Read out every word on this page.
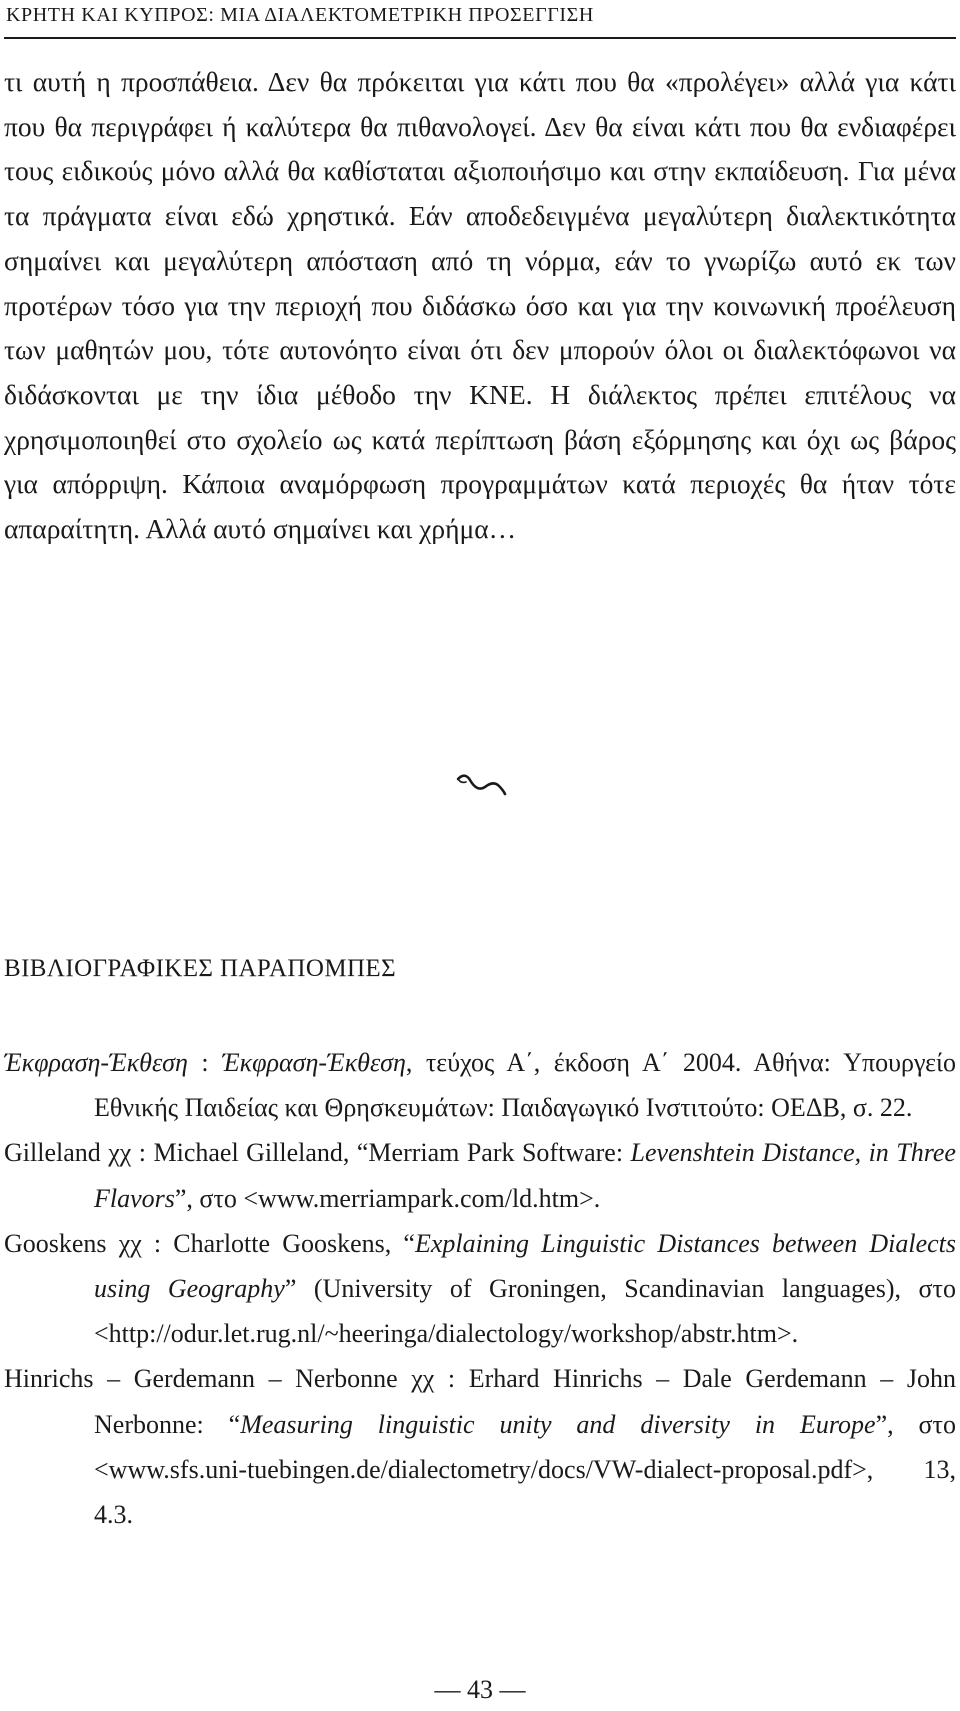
ΚΡΗΤΗ ΚΑΙ ΚΥΠΡΟΣ: ΜΙΑ ΔΙΑΛΕΚΤΟΜΕΤΡΙΚΗ ΠΡΟΣΕΓΓΙΣΗ

τι αυτή η προσπάθεια. Δεν θα πρόκειται για κάτι που θα «προλέγει» αλλά για κάτι που θα περιγράφει ή καλύτερα θα πιθανολογεί. Δεν θα είναι κάτι που θα ενδιαφέρει τους ειδικούς μόνο αλλά θα καθίσταται αξιοποιήσιμο και στην εκπαίδευση. Για μένα τα πράγματα είναι εδώ χρηστικά. Εάν αποδεδειγμένα μεγαλύτερη διαλεκτικότητα σημαίνει και μεγαλύτερη απόσταση από τη νόρμα, εάν το γνωρίζω αυτό εκ των προτέρων τόσο για την περιοχή που διδάσκω όσο και για την κοινωνική προέλευση των μαθητών μου, τότε αυτονόητο είναι ότι δεν μπορούν όλοι οι διαλεκτόφωνοι να διδάσκονται με την ίδια μέθοδο την ΚΝΕ. Η διάλεκτος πρέπει επιτέλους να χρησιμοποιηθεί στο σχολείο ως κατά περίπτωση βάση εξόρμησης και όχι ως βάρος για απόρριψη. Κάποια αναμόρφωση προγραμμάτων κατά περιοχές θα ήταν τότε απαραίτητη. Αλλά αυτό σημαίνει και χρήμα…

ΒΙΒΛΙΟΓΡΑΦΙΚΕΣ ΠΑΡΑΠΟΜΠΕΣ
Έκφραση-Έκθεση : Έκφραση-Έκθεση, τεύχος Α΄, έκδοση Α΄ 2004. Αθήνα: Υπουργείο Εθνικής Παιδείας και Θρησκευμάτων: Παιδαγωγικό Ινστιτούτο: ΟΕΔΒ, σ. 22.
Gilleland χχ : Michael Gilleland, “Merriam Park Software: Levenshtein Distance, in Three Flavors”, στο <www.merriampark.com/ld.htm>.
Gooskens χχ : Charlotte Gooskens, “Explaining Linguistic Distances between Dialects using Geography” (University of Groningen, Scandinavian languages), στο <http://odur.let.rug.nl/~heeringa/dialectology/workshop/abstr.htm>.
Hinrichs – Gerdemann – Nerbonne χχ : Erhard Hinrichs – Dale Gerdemann – John Nerbonne: “Measuring linguistic unity and diversity in Europe”, στο <www.sfs.uni-tuebingen.de/dialectometry/docs/VW-dialect-proposal.pdf>, 13, 4.3.
— 43 —
